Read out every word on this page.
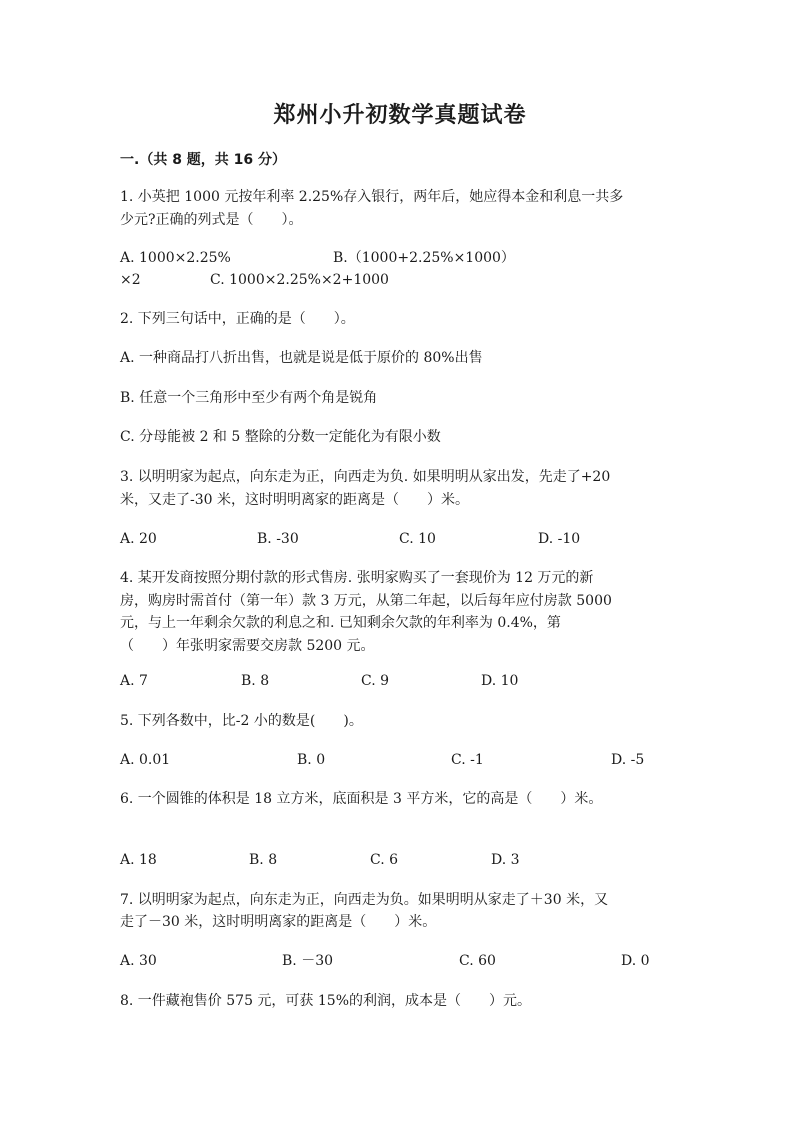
郑州小升初数学真题试卷
一.（共 8 题，共 16 分）
1. 小英把 1000 元按年利率 2.25%存入银行，两年后，她应得本金和利息一共多
少元?正确的列式是（　　）。
A. 1000×2.25%	B.（1000+2.25%×1000）
×2	C. 1000×2.25%×2+1000
2. 下列三句话中，正确的是（　　）。
A. 一种商品打八折出售，也就是说是低于原价的 80%出售
B. 任意一个三角形中至少有两个角是锐角
C. 分母能被 2 和 5 整除的分数一定能化为有限小数
3. 以明明家为起点，向东走为正，向西走为负. 如果明明从家出发，先走了+20
米，又走了-30 米，这时明明离家的距离是（　　）米。
A. 20	B. -30	C. 10	D. -10
4. 某开发商按照分期付款的形式售房. 张明家购买了一套现价为 12 万元的新
房，购房时需首付（第一年）款 3 万元，从第二年起，以后每年应付房款 5000
元，与上一年剩余欠款的利息之和. 已知剩余欠款的年利率为 0.4%，第
（　　）年张明家需要交房款 5200 元。
A. 7	B. 8	C. 9	D. 10
5. 下列各数中，比-2 小的数是(　　)。
A. 0.01	B. 0	C. -1	D. -5
6. 一个圆锥的体积是 18 立方米，底面积是 3 平方米，它的高是（　　）米。
A. 18	B. 8	C. 6	D. 3
7. 以明明家为起点，向东走为正，向西走为负。如果明明从家走了＋30 米，又
走了－30 米，这时明明离家的距离是（　　）米。
A. 30	B. －30	C. 60	D. 0
8. 一件藏袍售价 575 元，可获 15%的利润，成本是（　　）元。
